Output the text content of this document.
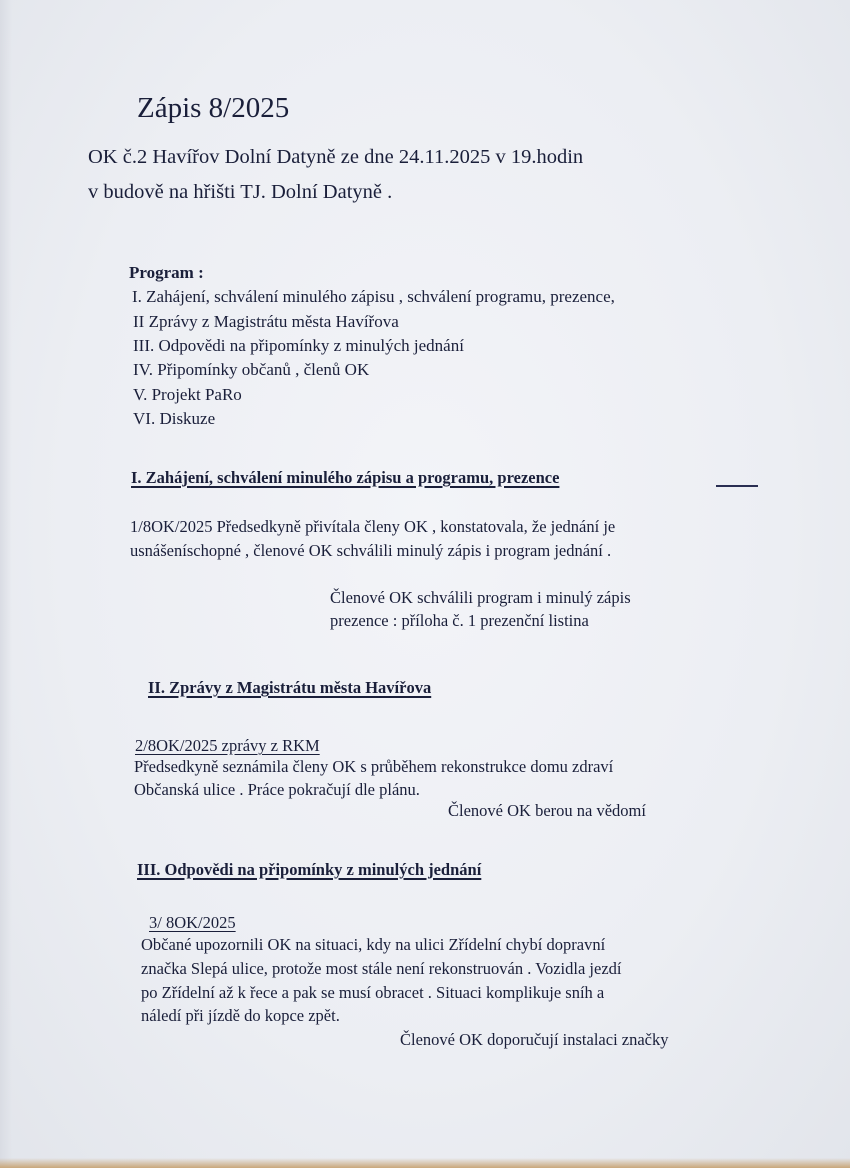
Zápis 8/2025
OK č.2 Havířov Dolní Datyně ze dne 24.11.2025 v 19.hodin
v budově na hřišti TJ. Dolní Datyně .
Program :
I. Zahájení, schválení minulého zápisu , schválení programu, prezence,
II Zprávy z Magistrátu města Havířova
III. Odpovědi na připomínky z minulých jednání
IV. Připomínky občanů , členů OK
V. Projekt PaRo
VI. Diskuze
I. Zahájení, schválení minulého zápisu a programu, prezence
1/8OK/2025 Předsedkyně přivítala členy OK , konstatovala, že jednání je
usnášeníschopné , členové OK schválili minulý zápis i program jednání .
Členové OK schválili program i minulý zápis
prezence : příloha č. 1 prezenční listina
II. Zprávy z Magistrátu města Havířova
2/8OK/2025 zprávy z RKM
Předsedkyně seznámila členy OK s průběhem rekonstrukce domu zdraví
Občanská ulice . Práce pokračují dle plánu.
Členové OK berou na vědomí
III. Odpovědi na připomínky z minulých jednání
3/ 8OK/2025
Občané upozornili OK na situaci, kdy na ulici Zřídelní chybí dopravní
značka Slepá ulice, protože most stále není rekonstruován . Vozidla jezdí
po Zřídelní až k řece a pak se musí obracet . Situaci komplikuje sníh a
náledí při jízdě do kopce zpět.
Členové OK doporučují instalaci značky
